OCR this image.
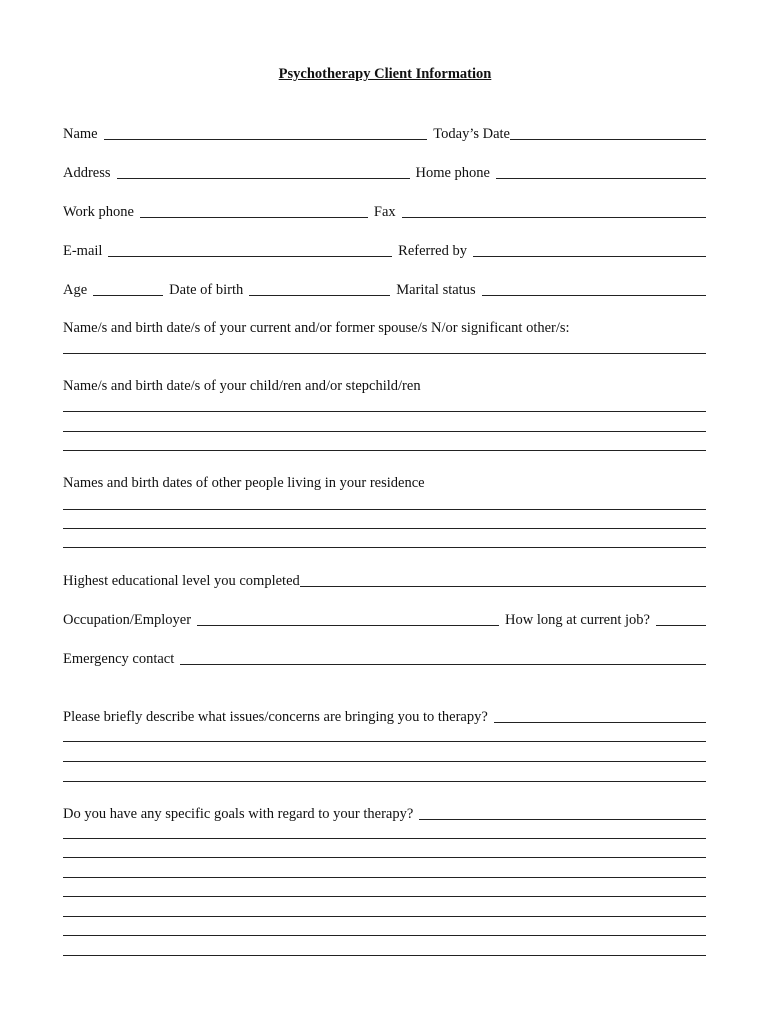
Psychotherapy Client Information
Name	Today’s Date
Address	Home phone
Work phone	Fax
E-mail	Referred by
Age	Date of birth	Marital status
Name/s and birth date/s of your current and/or former spouse/s N/or significant other/s:
Name/s and birth date/s of your child/ren and/or stepchild/ren
Names and birth dates of other people living in your residence
Highest educational level you completed
Occupation/Employer	How long at current job?
Emergency contact
Please briefly describe what issues/concerns are bringing you to therapy?
Do you have any specific goals with regard to your therapy?
